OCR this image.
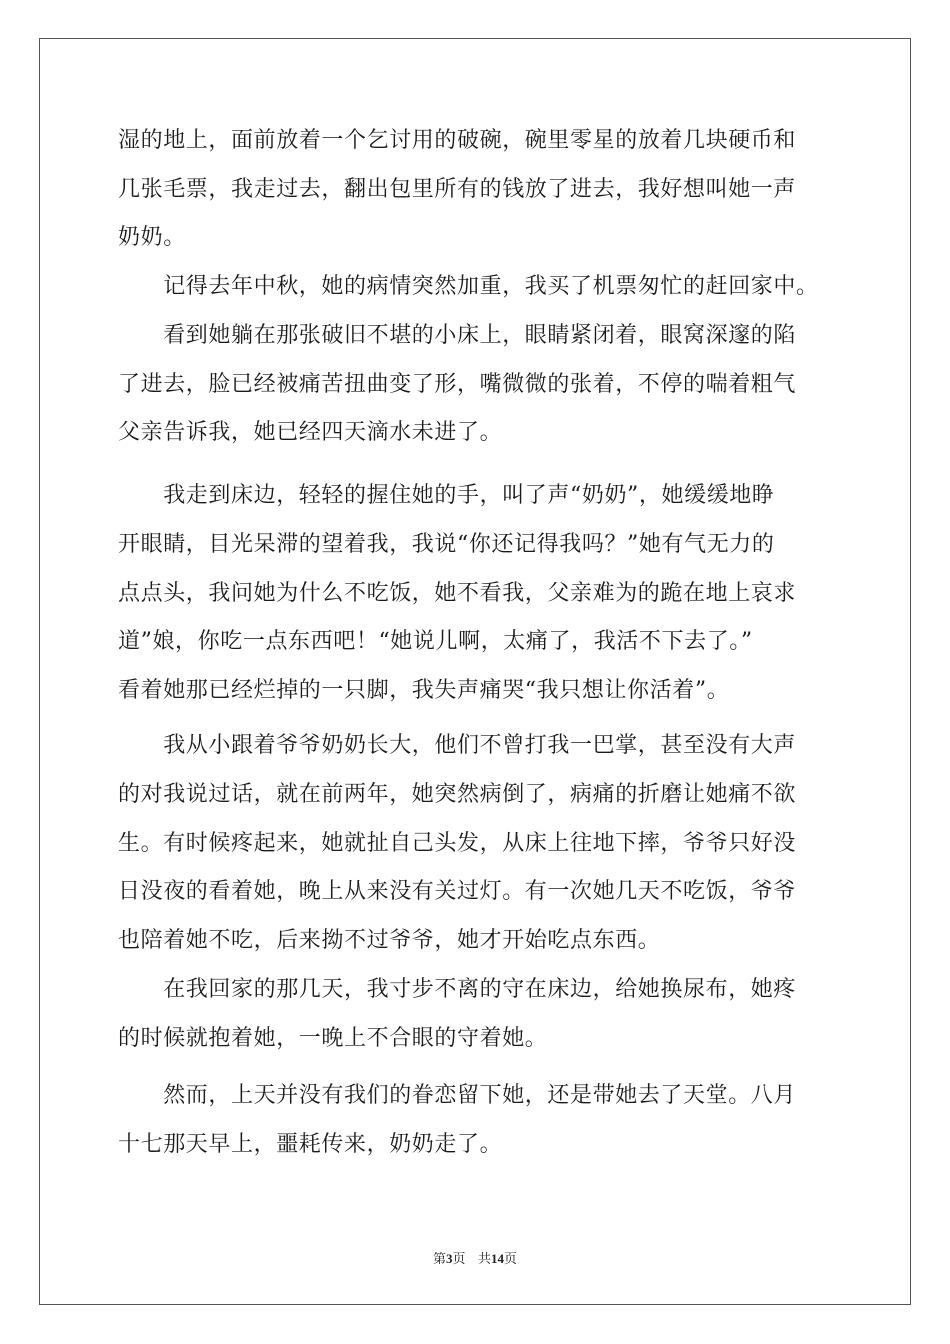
湿的地上，面前放着一个乞讨用的破碗，碗里零星的放着几块硬币和
几张毛票，我走过去，翻出包里所有的钱放了进去，我好想叫她一声
奶奶。
　　记得去年中秋，她的病情突然加重，我买了机票匆忙的赶回家中。
　　看到她躺在那张破旧不堪的小床上，眼睛紧闭着，眼窝深邃的陷
了进去，脸已经被痛苦扭曲变了形，嘴微微的张着，不停的喘着粗气
父亲告诉我，她已经四天滴水未进了。
　　我走到床边，轻轻的握住她的手，叫了声“奶奶”，她缓缓地睁
开眼睛，目光呆滞的望着我，我说“你还记得我吗？”她有气无力的
点点头，我问她为什么不吃饭，她不看我，父亲难为的跪在地上哀求
道”娘，你吃一点东西吧！“她说儿啊，太痛了，我活不下去了。”
看着她那已经烂掉的一只脚，我失声痛哭“我只想让你活着”。
　　我从小跟着爷爷奶奶长大，他们不曾打我一巴掌，甚至没有大声
的对我说过话，就在前两年，她突然病倒了，病痛的折磨让她痛不欲
生。有时候疼起来，她就扯自己头发，从床上往地下摔，爷爷只好没
日没夜的看着她，晚上从来没有关过灯。有一次她几天不吃饭，爷爷
也陪着她不吃，后来拗不过爷爷，她才开始吃点东西。
　　在我回家的那几天，我寸步不离的守在床边，给她换尿布，她疼
的时候就抱着她，一晚上不合眼的守着她。
　　然而，上天并没有我们的眷恋留下她，还是带她去了天堂。八月
十七那天早上，噩耗传来，奶奶走了。
第3页 共14页
